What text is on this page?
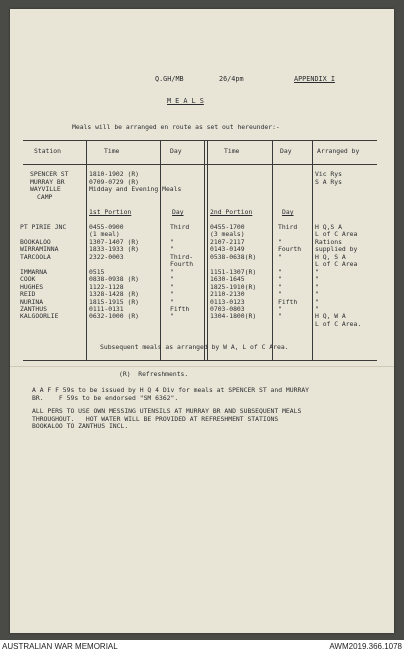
Q.GH/MB	26/4pm	APPENDIX I
M E A L S
Meals will be arranged en route as set out hereunder:-
Station	Time	Day	Time	Day	Arranged by
SPENCER ST	1810-1902 (R)	Vic Rys
MURRAY BR	0709-0729 (R)	S A Rys
WAYVILLE	Midday and Evening Meals
CAMP
1st Portion	Day	2nd Portion	Day
PT PIRIE JNC	0455-0900	Third	0455-1700	Third	H Q,S A
(1 meal)	(3 meals)	L of C Area
BOOKALOO	1307-1407 (R)	"	2107-2117	"	Rations
WIRRAMINNA	1833-1933 (R)	"	0143-0149	Fourth supplied by
TARCOOLA	2322-0003	Third-	0538-0638(R)	"	H Q, S A
Fourth	L of C Area
IMMARNA	0515	"	1151-1307(R)	"	"
COOK	0838-0938 (R)	"	1630-1645	"	"
HUGHES	1122-1128	"	1825-1910(R)	"	"
REID	1328-1428 (R)	"	2110-2130	"	"
NURINA	1815-1915 (R)	"	0113-0123	Fifth	"
ZANTHUS	0111-0131	Fifth	0703-0803	"	"
KALGOORLIE	0632-1000 (R)	"	1304-1800(R)	"	H Q, W A
L of C Area.
Subsequent meals as arranged by W A, L of C Area.
(R)  Refreshments.
A A F F 59s to be issued by H Q 4 Div for meals at SPENCER ST and MURRAY
BR.    F 59s to be endorsed "SM 6362".
ALL PERS TO USE OWN MESSING UTENSILS AT MURRAY BR AND SUBSEQUENT MEALS
THROUGHOUT.   HOT WATER WILL BE PROVIDED AT REFRESHMENT STATIONS
BOOKALOO TO ZANTHUS INCL.
AUSTRALIAN WAR MEMORIAL	AWM2019.366.1078
